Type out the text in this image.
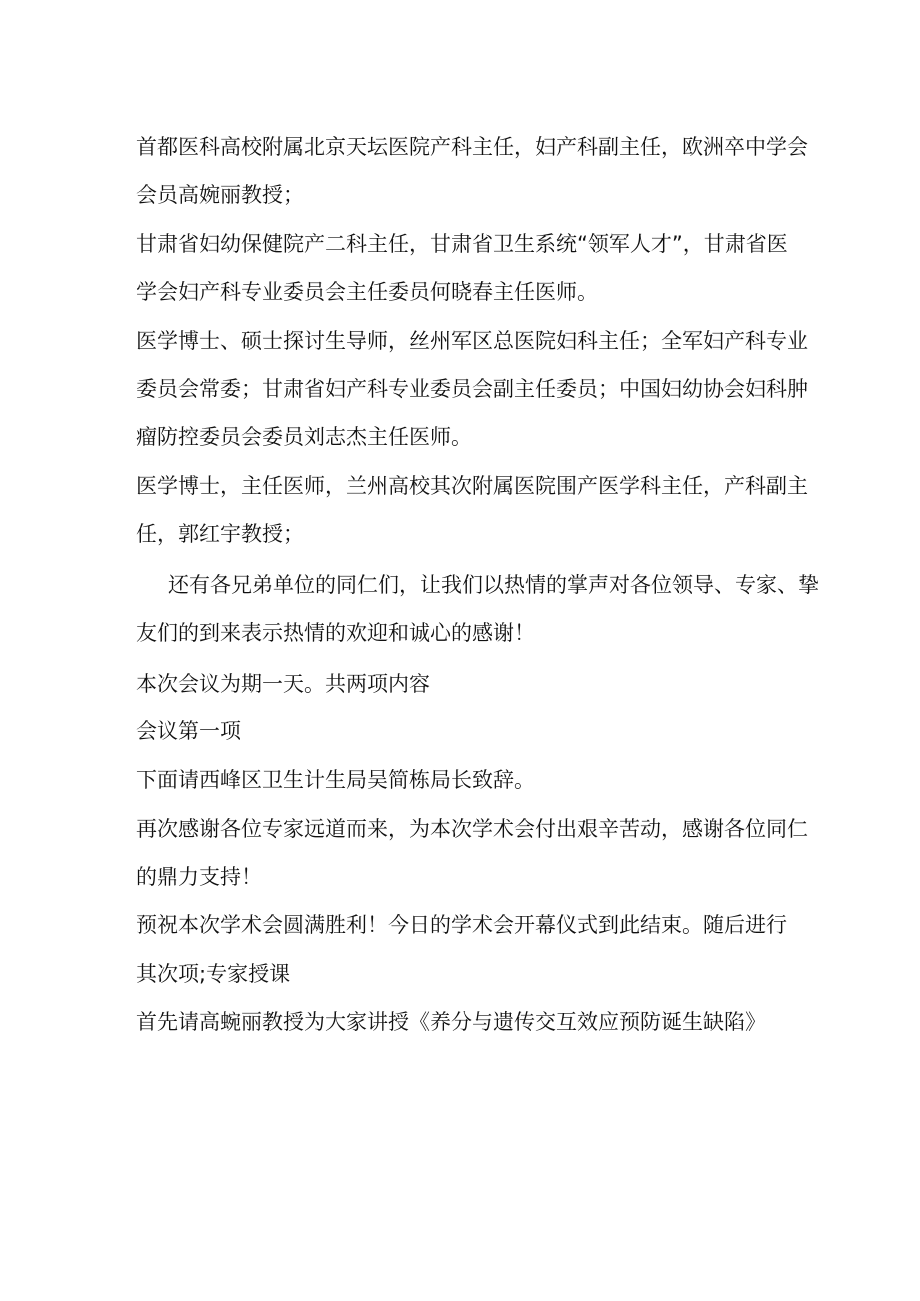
首都医科高校附属北京天坛医院产科主任，妇产科副主任，欧洲卒中学会
会员高婉丽教授；
甘肃省妇幼保健院产二科主任，甘肃省卫生系统“领军人才”，甘肃省医
学会妇产科专业委员会主任委员何晓春主任医师。
医学博士、硕士探讨生导师，丝州军区总医院妇科主任；全军妇产科专业
委员会常委；甘肃省妇产科专业委员会副主任委员；中国妇幼协会妇科肿
瘤防控委员会委员刘志杰主任医师。
医学博士，主任医师，兰州高校其次附属医院围产医学科主任，产科副主
任，郭红宇教授；
还有各兄弟单位的同仁们，让我们以热情的掌声对各位领导、专家、挚
友们的到来表示热情的欢迎和诚心的感谢！
本次会议为期一天。共两项内容
会议第一项
下面请西峰区卫生计生局吴简栋局长致辞。
再次感谢各位专家远道而来，为本次学术会付出艰辛苦动，感谢各位同仁
的鼎力支持！
预祝本次学术会圆满胜利！今日的学术会开幕仪式到此结束。随后进行
其次项;专家授课
首先请高蜿丽教授为大家讲授《养分与遗传交互效应预防诞生缺陷》
